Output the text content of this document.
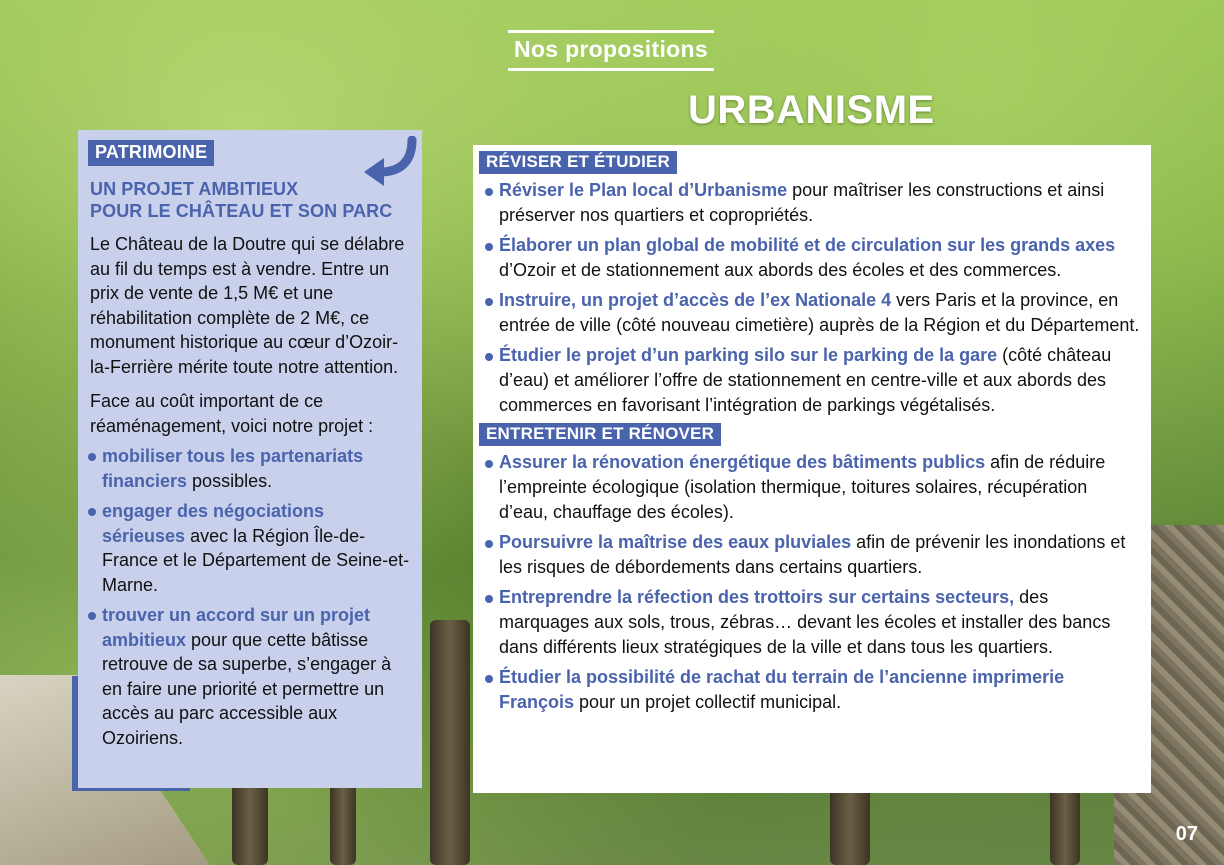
Nos propositions
URBANISME
PATRIMOINE
UN PROJET AMBITIEUX
POUR LE CHÂTEAU ET SON PARC

Le Château de la Doutre qui se délabre au fil du temps est à vendre. Entre un prix de vente de 1,5 M€ et une réhabilitation complète de 2 M€, ce monument historique au cœur d’Ozoir-la-Ferrière mérite toute notre attention.

Face au coût important de ce réaménagement, voici notre projet :

mobiliser tous les partenariats financiers possibles.
engager des négociations sérieuses avec la Région Île-de-France et le Département de Seine-et-Marne.
trouver un accord sur un projet ambitieux pour que cette bâtisse retrouve de sa superbe, s’engager à en faire une priorité et permettre un accès au parc accessible aux Ozoiriens.
RÉVISER ET ÉTUDIER
Réviser le Plan local d’Urbanisme pour maîtriser les constructions et ainsi préserver nos quartiers et copropriétés.
Élaborer un plan global de mobilité et de circulation sur les grands axes d’Ozoir et de stationnement aux abords des écoles et des commerces.
Instruire, un projet d’accès de l’ex Nationale 4 vers Paris et la province, en entrée de ville (côté nouveau cimetière) auprès de la Région et du Département.
Étudier le projet d’un parking silo sur le parking de la gare (côté château d’eau) et améliorer l’offre de stationnement en centre-ville et aux abords des commerces en favorisant l’intégration de parkings végétalisés.
ENTRETENIR ET RÉNOVER
Assurer la rénovation énergétique des bâtiments publics afin de réduire l’empreinte écologique (isolation thermique, toitures solaires, récupération d’eau, chauffage des écoles).
Poursuivre la maîtrise des eaux pluviales afin de prévenir les inondations et les risques de débordements dans certains quartiers.
Entreprendre la réfection des trottoirs sur certains secteurs, des marquages aux sols, trous, zébras… devant les écoles et installer des bancs dans différents lieux stratégiques de la ville et dans tous les quartiers.
Étudier la possibilité de rachat du terrain de l’ancienne imprimerie François pour un projet collectif municipal.
07
